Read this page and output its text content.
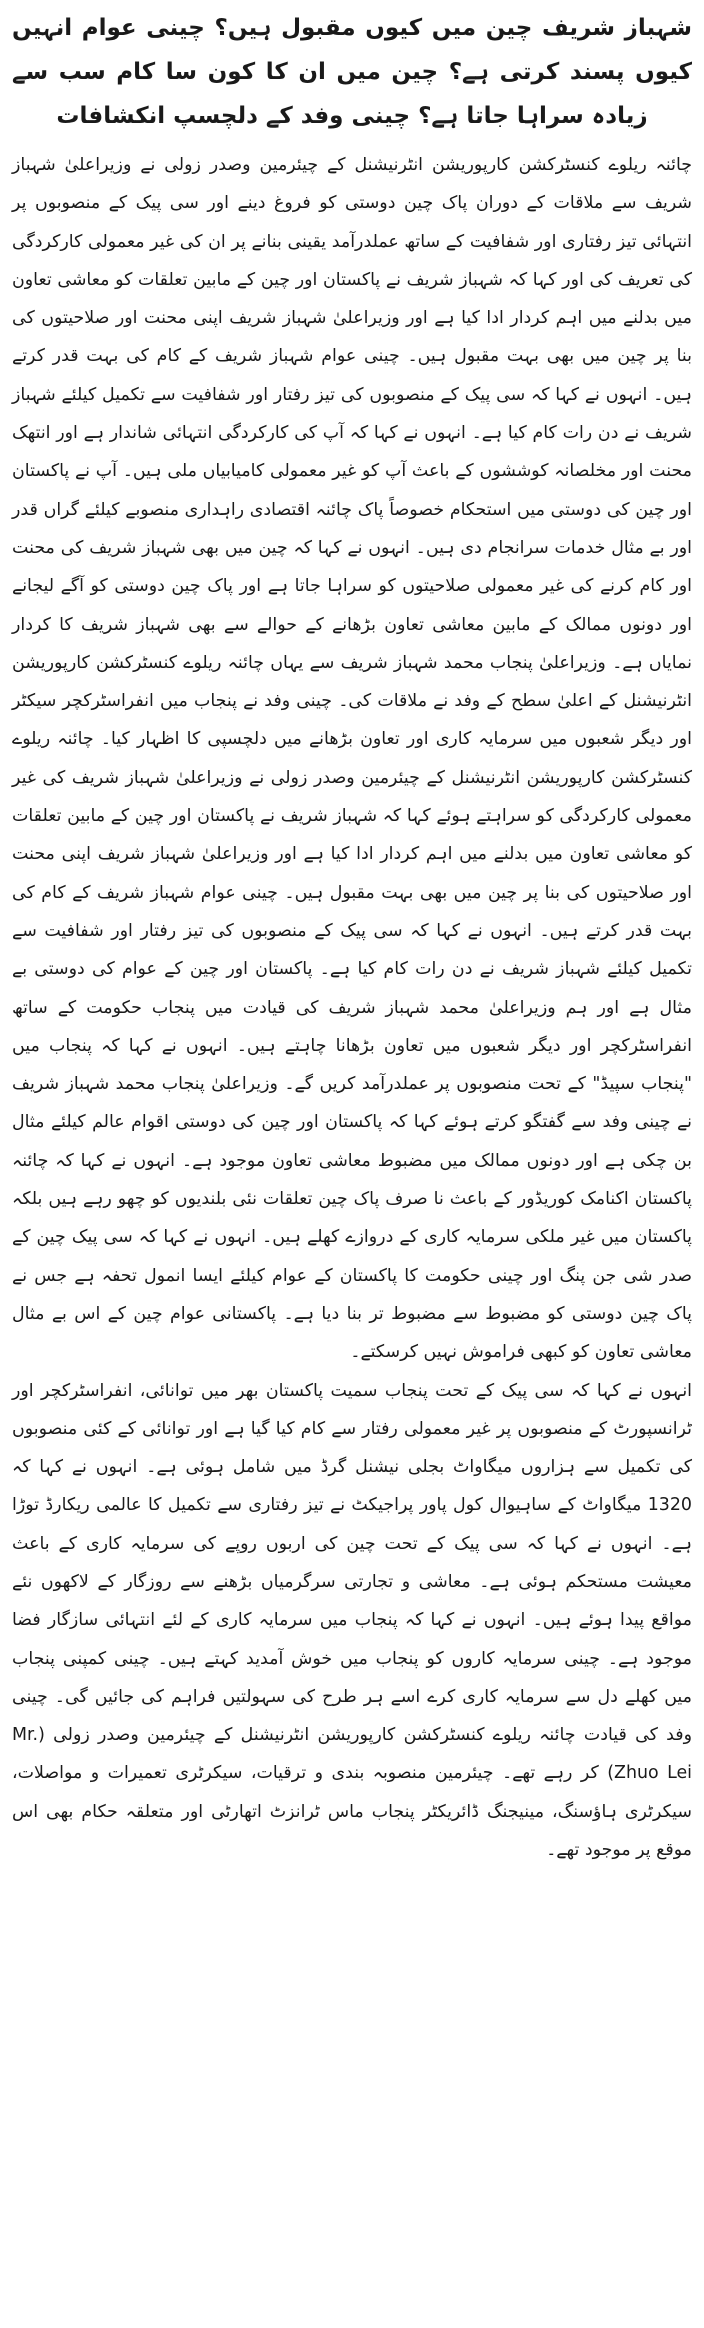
شہباز شریف چین میں کیوں مقبول ہیں؟ چینی عوام انہیں کیوں پسند کرتی ہے؟ چین میں ان کا کون سا کام سب سے زیادہ سراہا جاتا ہے؟ چینی وفد کے دلچسپ انکشافات

چائنہ ریلوے کنسٹرکشن کارپوریشن انٹرنیشنل کے چیئرمین وصدر زولی نے وزیراعلیٰ شہباز شریف سے ملاقات کے دوران پاک چین دوستی کو فروغ دینے اور سی پیک کے منصوبوں پر انتہائی تیز رفتاری اور شفافیت کے ساتھ عملدرآمد یقینی بنانے پر ان کی غیر معمولی کارکردگی کی تعریف کی اور کہا کہ شہباز شریف نے پاکستان اور چین کے مابین تعلقات کو معاشی تعاون میں بدلنے میں اہم کردار ادا کیا ہے اور وزیراعلیٰ شہباز شریف اپنی محنت اور صلاحیتوں کی بنا پر چین میں بھی بہت مقبول ہیں۔ چینی عوام شہباز شریف کے کام کی بہت قدر کرتے ہیں۔ انہوں نے کہا کہ سی پیک کے منصوبوں کی تیز رفتار اور شفافیت سے تکمیل کیلئے شہباز شریف نے دن رات کام کیا ہے۔ انہوں نے کہا کہ آپ کی کارکردگی انتہائی شاندار ہے اور انتھک محنت اور مخلصانہ کوششوں کے باعث آپ کو غیر معمولی کامیابیاں ملی ہیں۔ آپ نے پاکستان اور چین کی دوستی میں استحکام خصوصاً پاک چائنہ اقتصادی راہداری منصوبے کیلئے گراں قدر اور بے مثال خدمات سرانجام دی ہیں۔ انہوں نے کہا کہ چین میں بھی شہباز شریف کی محنت اور کام کرنے کی غیر معمولی صلاحیتوں کو سراہا جاتا ہے اور پاک چین دوستی کو آگے لیجانے اور دونوں ممالک کے مابین معاشی تعاون بڑھانے کے حوالے سے بھی شہباز شریف کا کردار نمایاں ہے۔ وزیراعلیٰ پنجاب محمد شہباز شریف سے یہاں چائنہ ریلوے کنسٹرکشن کارپوریشن انٹرنیشنل کے اعلیٰ سطح کے وفد نے ملاقات کی۔ چینی وفد نے پنجاب میں انفراسٹرکچر سیکٹر اور دیگر شعبوں میں سرمایہ کاری اور تعاون بڑھانے میں دلچسپی کا اظہار کیا۔ چائنہ ریلوے کنسٹرکشن کارپوریشن انٹرنیشنل کے چیئرمین وصدر زولی نے وزیراعلیٰ شہباز شریف کی غیر معمولی کارکردگی کو سراہتے ہوئے کہا کہ شہباز شریف نے پاکستان اور چین کے مابین تعلقات کو معاشی تعاون میں بدلنے میں اہم کردار ادا کیا ہے اور وزیراعلیٰ شہباز شریف اپنی محنت اور صلاحیتوں کی بنا پر چین میں بھی بہت مقبول ہیں۔ چینی عوام شہباز شریف کے کام کی بہت قدر کرتے ہیں۔ انہوں نے کہا کہ سی پیک کے منصوبوں کی تیز رفتار اور شفافیت سے تکمیل کیلئے شہباز شریف نے دن رات کام کیا ہے۔ پاکستان اور چین کے عوام کی دوستی بے مثال ہے اور ہم وزیراعلیٰ محمد شہباز شریف کی قیادت میں پنجاب حکومت کے ساتھ انفراسٹرکچر اور دیگر شعبوں میں تعاون بڑھانا چاہتے ہیں۔ انہوں نے کہا کہ پنجاب میں "پنجاب سپیڈ" کے تحت منصوبوں پر عملدرآمد کریں گے۔ وزیراعلیٰ پنجاب محمد شہباز شریف نے چینی وفد سے گفتگو کرتے ہوئے کہا کہ پاکستان اور چین کی دوستی اقوام عالم کیلئے مثال بن چکی ہے اور دونوں ممالک میں مضبوط معاشی تعاون موجود ہے۔ انہوں نے کہا کہ چائنہ پاکستان اکنامک کوریڈور کے باعث نا صرف پاک چین تعلقات نئی بلندیوں کو چھو رہے ہیں بلکہ پاکستان میں غیر ملکی سرمایہ کاری کے دروازے کھلے ہیں۔ انہوں نے کہا کہ سی پیک چین کے صدر شی جن پنگ اور چینی حکومت کا پاکستان کے عوام کیلئے ایسا انمول تحفہ ہے جس نے پاک چین دوستی کو مضبوط سے مضبوط تر بنا دیا ہے۔ پاکستانی عوام چین کے اس بے مثال معاشی تعاون کو کبھی فراموش نہیں کرسکتے۔

انہوں نے کہا کہ سی پیک کے تحت پنجاب سمیت پاکستان بھر میں توانائی، انفراسٹرکچر اور ٹرانسپورٹ کے منصوبوں پر غیر معمولی رفتار سے کام کیا گیا ہے اور توانائی کے کئی منصوبوں کی تکمیل سے ہزاروں میگاواٹ بجلی نیشنل گرڈ میں شامل ہوئی ہے۔ انہوں نے کہا کہ 1320 میگاواٹ کے ساہیوال کول پاور پراجیکٹ نے تیز رفتاری سے تکمیل کا عالمی ریکارڈ توڑا ہے۔ انہوں نے کہا کہ سی پیک کے تحت چین کی اربوں روپے کی سرمایہ کاری کے باعث معیشت مستحکم ہوئی ہے۔ معاشی و تجارتی سرگرمیاں بڑھنے سے روزگار کے لاکھوں نئے مواقع پیدا ہوئے ہیں۔ انہوں نے کہا کہ پنجاب میں سرمایہ کاری کے لئے انتہائی سازگار فضا موجود ہے۔ چینی سرمایہ کاروں کو پنجاب میں خوش آمدید کہتے ہیں۔ چینی کمپنی پنجاب میں کھلے دل سے سرمایہ کاری کرے اسے ہر طرح کی سہولتیں فراہم کی جائیں گی۔ چینی وفد کی قیادت چائنہ ریلوے کنسٹرکشن کارپوریشن انٹرنیشنل کے چیئرمین وصدر زولی (Mr. Zhuo Lei) کر رہے تھے۔ چیئرمین منصوبہ بندی و ترقیات، سیکرٹری تعمیرات و مواصلات، سیکرٹری ہاؤسنگ، مینیجنگ ڈائریکٹر پنجاب ماس ٹرانزٹ اتھارٹی اور متعلقہ حکام بھی اس موقع پر موجود تھے۔
